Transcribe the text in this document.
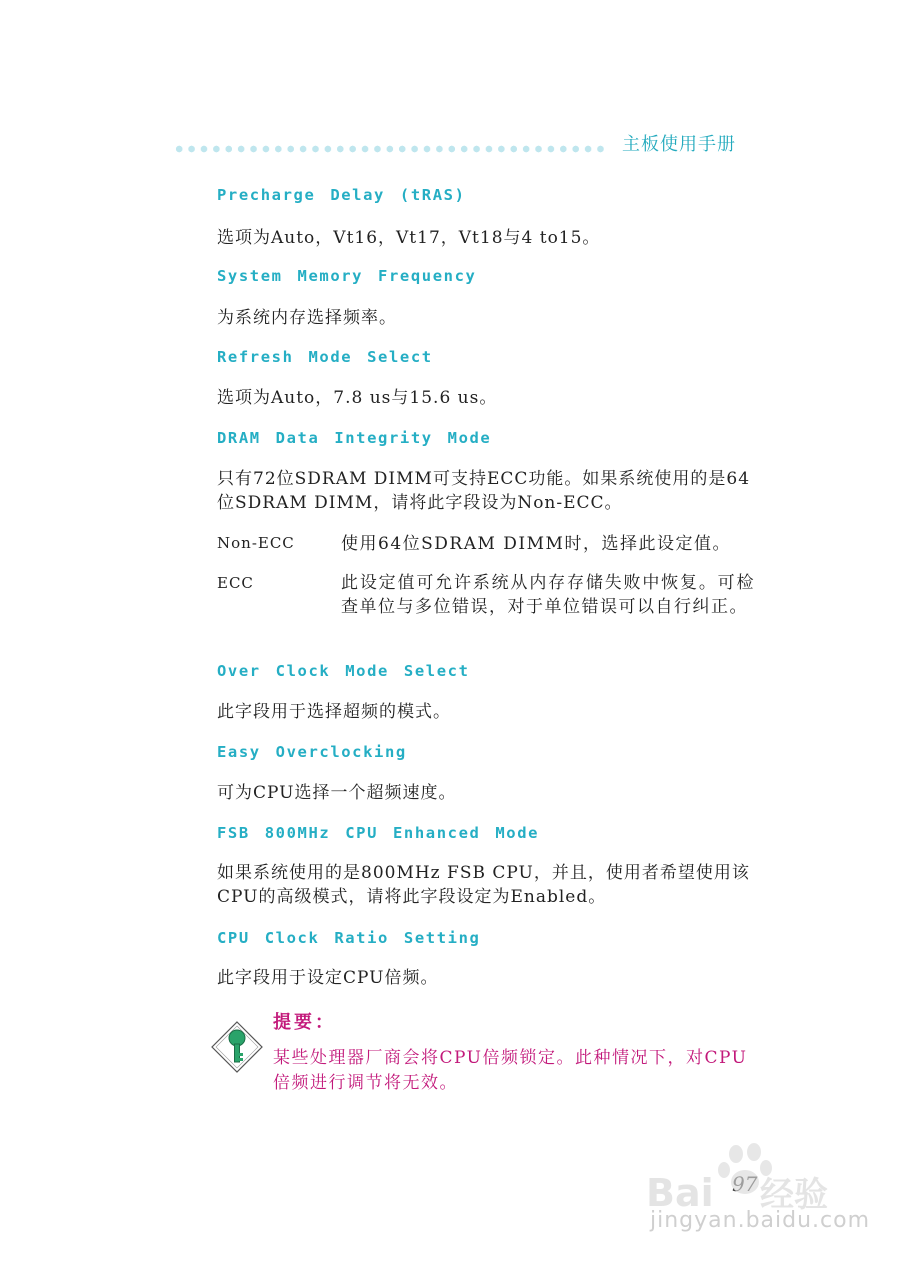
主板使用手册
Precharge Delay (tRAS)
选项为Auto，Vt16，Vt17，Vt18与4 to15。
System Memory Frequency
为系统内存选择频率。
Refresh Mode Select
选项为Auto，7.8 us与15.6 us。
DRAM Data Integrity Mode
只有72位SDRAM DIMM可支持ECC功能。如果系统使用的是64位SDRAM DIMM，请将此字段设为Non-ECC。
Non-ECC	使用64位SDRAM DIMM时，选择此设定值。
ECC	此设定值可允许系统从内存存储失败中恢复。可检查单位与多位错误，对于单位错误可以自行纠正。
Over Clock Mode Select
此字段用于选择超频的模式。
Easy Overclocking
可为CPU选择一个超频速度。
FSB 800MHz CPU Enhanced Mode
如果系统使用的是800MHz FSB CPU，并且，使用者希望使用该CPU的高级模式，请将此字段设定为Enabled。
CPU Clock Ratio Setting
此字段用于设定CPU倍频。
提要：
某些处理器厂商会将CPU倍频锁定。此种情况下，对CPU倍频进行调节将无效。
Bai 经验
jingyan.baidu.com
